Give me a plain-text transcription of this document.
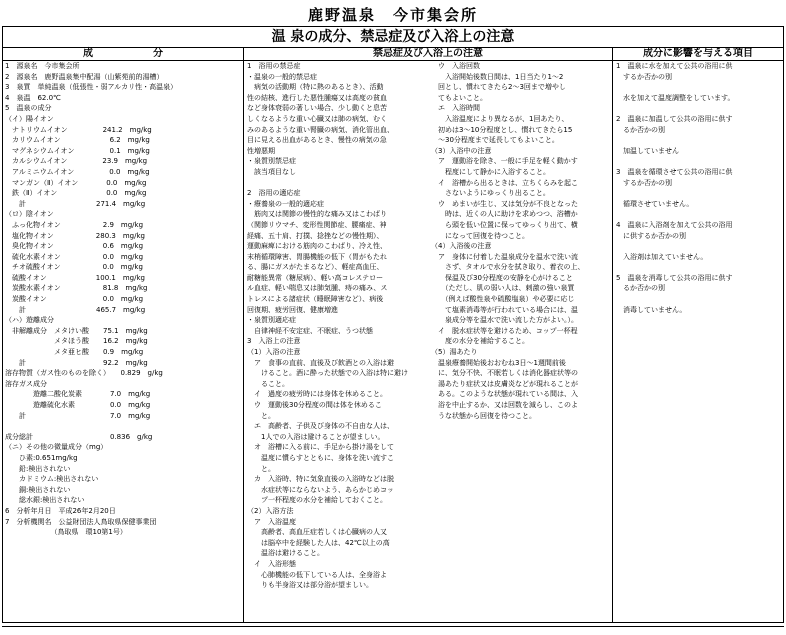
鹿野温泉　今市集会所
温 泉の成分、禁忌症及び入浴上の注意
成　　　　　　分	禁忌症及び入浴上の注意	成分に影響を与える項目
1　源泉名　今市集会所
2　源泉名　鹿野温泉集中配湯（山紫苑前的湯槽）
3　泉質　単純温泉（低張性・弱アルカリ性・高温泉）
4　泉温　62.0℃
5　温泉の成分
（イ）陽イオン
　ナトリウムイオン　　　　　241.2　mg/kg
　カリウムイオン　　　　　　　6.2　mg/kg
　マグネシウムイオン　　　　　0.1　mg/kg
　カルシウムイオン　　　　　23.9　mg/kg
　アルミニウムイオン　　　　　0.0　mg/kg
　マンガン（Ⅱ）イオン　　　　0.0　mg/kg
　鉄（Ⅱ）イオン　　　　　　　0.0　mg/kg
　　計　　　　　　　　　　271.4　mg/kg
（ロ）陰イオン
　ふっ化物イオン　　　　　　2.9　mg/kg
　塩化物イオン　　　　　　280.3　mg/kg
　臭化物イオン　　　　　　　0.6　mg/kg
　硫化水素イオン　　　　　　0.0　mg/kg
　チオ硫酸イオン　　　　　　0.0　mg/kg
　硫酸イオン　　　　　　　100.1　mg/kg
　炭酸水素イオン　　　　　　81.8　mg/kg
　炭酸イオン　　　　　　　　0.0　mg/kg
　　計　　　　　　　　　　465.7　mg/kg
（ハ）遊離成分
　非解離成分　メタけい酸　　75.1　mg/kg
　　　　　　　メタほう酸　　16.2　mg/kg
　　　　　　　メタ亜ヒ酸　　0.9　mg/kg
　　計　　　　　　　　　　　92.2　mg/kg
溶存物質（ガス性のものを除く）　　0.829　g/kg
溶存ガス成分
　　　　遊離二酸化炭素　　　　7.0　mg/kg
　　　　遊離硫化水素　　　　　0.0　mg/kg
　　計　　　　　　　　　　　　7.0　mg/kg

成分総計　　　　　　　　　　　0.836　g/kg
（ニ）その他の微量成分（mg）
　　ひ素:0.651mg/kg
　　鉛:検出されない
　　カドミウム:検出されない
　　銅:検出されない
　　総水銀:検出されない
6　分析年月日　平成26年2月20日
7　分析機関名　公益財団法人鳥取県保健事業団
　　　　　　　（鳥取県　環10第1号）
1　浴用の禁忌症
・温泉の一般的禁忌症
　病気の活動期（特に熱のあるとき）、活動
性の結核、進行した悪性腫瘍又は高度の貧血
など身体衰弱の著しい場合、少し動くと息苦
しくなるような重い心臓又は肺の病気、むく
みのあるような重い腎臓の病気、消化管出血、
目に見える出血があるとき、慢性の病気の急
性増悪期
・泉質別禁忌症
　該当項目なし

2　浴用の適応症
・療養泉の一般的適応症
　筋肉又は関節の慢性的な痛み又はこわばり
（関節リウマチ、変形性関節症、腰痛症、神
経痛、五十肩、打撲、捻挫などの慢性期）、
運動麻痺における筋肉のこわばり、冷え性、
末梢循環障害、胃腸機能の低下（胃がもたれ
る、腸にガスがたまるなど）、軽症高血圧、
耐糖能異常（糖尿病）、軽い高コレステロー
ル血症、軽い喘息又は肺気腫、痔の痛み、ス
トレスによる諸症状（睡眠障害など）、病後
回復期、疲労回復、健康増進
・泉質別適応症
　自律神経不安定症、不眠症、うつ状態
3　入浴上の注意
（1）入浴の注意
　ア　食事の直前、直後及び飲酒との入浴は避
　　けること。酒に酔った状態での入浴は特に避け
　　ること。
　イ　過度の疲労時には身体を休めること。
　ウ　運動後30分程度の間は体を休めるこ
　　と。
　エ　高齢者、子供及び身体の不自由な人は、
　　1人での入浴は避けることが望ましい。
　オ　浴槽に入る前に、手足から掛け湯をして
　　温度に慣らすとともに、身体を洗い流すこ
　　と。
　カ　入浴時、特に気象直後の入浴時などは脱
　　水症状等にならないよう、あらかじめコッ
　　プ一杯程度の水分を補給しておくこと。
（2）入浴方法
　ア　入浴温度
　　高齢者、高血圧症若しくは心臓病の人又
　　は脳卒中を経験した人は、42℃以上の高
　　温浴は避けること。
　イ　入浴形態
　　心肺機能の低下している人は、全身浴よ
　　りも半身浴又は部分浴が望ましい。
　ウ　入浴回数
　　入浴開始後数日間は、1日当たり1～2
　回とし、慣れてきたら2～3回まで増やし
　てもよいこと。
　エ　入浴時間
　　入浴温度により異なるが、1回あたり、
　初めは3～10分程度とし、慣れてきたら15
　～30分程度まで延長してもよいこと。
（3）入浴中の注意
　ア　運動浴を除き、一般に手足を軽く動かす
　　程度にして静かに入浴すること。
　イ　浴槽から出るときは、立ちくらみを起こ
　　さないようにゆっくり出ること。
　ウ　めまいが生じ、又は気分が不良となった
　　時は、近くの人に助けを求めつつ、浴槽か
　　ら頭を低い位置に保ってゆっくり出て、横
　　になって回復を待つこと。
（4）入浴後の注意
　ア　身体に付着した温泉成分を温水で洗い流
　　さず、タオルで水分を拭き取り、着衣の上、
　　保温及び30分程度の安静を心がけること
　　（ただし、肌の弱い人は、刺激の強い泉質
　　（例えば酸性泉や硫酸塩泉）や必要に応じ
　　て塩素消毒等が行われている場合には、温
　　泉成分等を温水で洗い流した方がよい。）。
　イ　脱水症状等を避けるため、コップ一杯程
　　度の水分を補給すること。
（5）湯あたり
　温泉療養開始後おおむね3日～1週間前後
　に、気分不快、不眠若しくは消化器症状等の
　湯あたり症状又は皮膚炎などが現れることが
　ある。このような状態が現れている間は、入
　浴を中止するか、又は回数を減らし、このよ
　うな状態から回復を待つこと。
1　温泉に水を加えて公共の浴用に供
　するか否かの別

　水を加えて温度調整をしています。

2　温泉に加温して公共の浴用に供す
　るか否かの別

　加温していません

3　温泉を循環させて公共の浴用に供
　するか否かの別

　循環させていません。

4　温泉に入浴剤を加えて公共の浴用
　に供するか否かの別

　入浴剤は加えていません。

5　温泉を消毒して公共の浴用に供す
　るか否かの別

　消毒していません。
